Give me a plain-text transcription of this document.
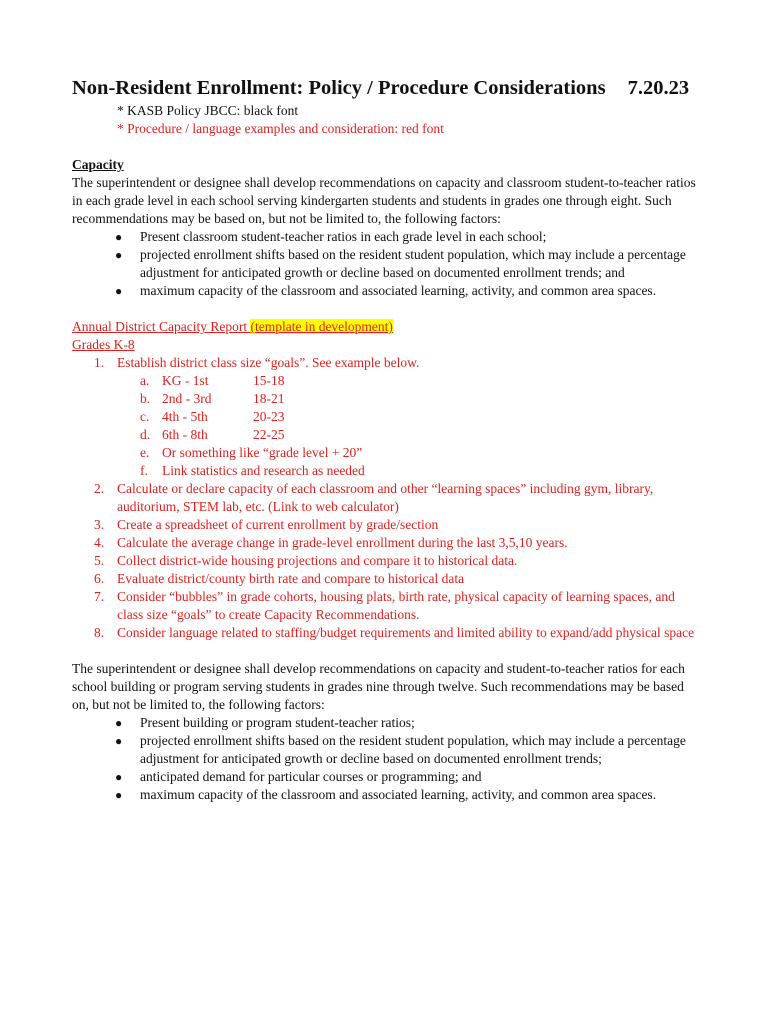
Non-Resident Enrollment: Policy / Procedure Considerations 7.20.23
* KASB Policy JBCC: black font
* Procedure / language examples and consideration: red font
Capacity
The superintendent or designee shall develop recommendations on capacity and classroom student-to-teacher ratios in each grade level in each school serving kindergarten students and students in grades one through eight. Such recommendations may be based on, but not be limited to, the following factors:
● Present classroom student-teacher ratios in each grade level in each school;
● projected enrollment shifts based on the resident student population, which may include a percentage adjustment for anticipated growth or decline based on documented enrollment trends; and
● maximum capacity of the classroom and associated learning, activity, and common area spaces.
Annual District Capacity Report (template in development)
Grades K-8
1. Establish district class size “goals”. See example below.
a. KG - 1st	15-18
b. 2nd - 3rd	18-21
c. 4th - 5th	20-23
d. 6th - 8th	22-25
e. Or something like “grade level + 20”
f. Link statistics and research as needed
2. Calculate or declare capacity of each classroom and other “learning spaces” including gym, library, auditorium, STEM lab, etc. (Link to web calculator)
3. Create a spreadsheet of current enrollment by grade/section
4. Calculate the average change in grade-level enrollment during the last 3,5,10 years.
5. Collect district-wide housing projections and compare it to historical data.
6. Evaluate district/county birth rate and compare to historical data
7. Consider “bubbles” in grade cohorts, housing plats, birth rate, physical capacity of learning spaces, and class size “goals” to create Capacity Recommendations.
8. Consider language related to staffing/budget requirements and limited ability to expand/add physical space
The superintendent or designee shall develop recommendations on capacity and student-to-teacher ratios for each school building or program serving students in grades nine through twelve. Such recommendations may be based on, but not be limited to, the following factors:
● Present building or program student-teacher ratios;
● projected enrollment shifts based on the resident student population, which may include a percentage adjustment for anticipated growth or decline based on documented enrollment trends;
● anticipated demand for particular courses or programming; and
● maximum capacity of the classroom and associated learning, activity, and common area spaces.
